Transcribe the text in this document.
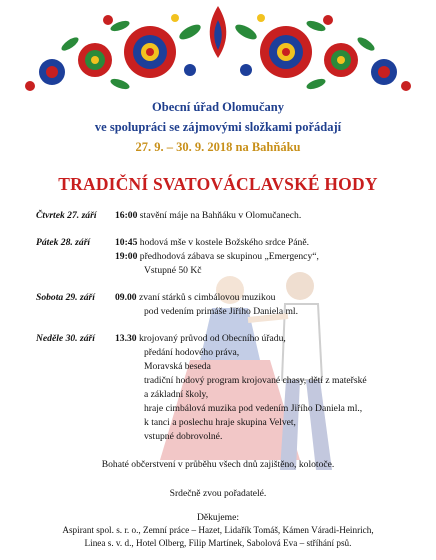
Obecní úřad Olomučany
ve spolupráci se zájmovými složkami pořádají
27. 9. – 30. 9. 2018 na Bahňáku
TRADIČNÍ SVATOVÁCLAVSKÉ HODY
Čtvrtek 27. září 16:00 stavění máje na Bahňáku v Olomučanech.
Pátek 28. září	10:45 hodová mše v kostele Božského srdce Páně.
19:00 předhodová zábava se skupinou „Emergency“,
Vstupné 50 Kč
Sobota 29. září 09.00 zvaní stárků s cimbálovou muzikou
pod vedením primáše Jiřího Daniela ml.
Neděle 30. září 13.30 krojovaný průvod od Obecního úřadu,
předání hodového práva,
Moravská beseda
tradiční hodový program krojované chasy, dětí z mateřské
a základní školy,
hraje cimbálová muzika pod vedením Jiřího Daniela ml.,
k tanci a poslechu hraje skupina Velvet,
vstupné dobrovolné.
Bohaté občerstvení v průběhu všech dnů zajištěno, kolotoče.
Srdečně zvou pořadatelé.
Děkujeme:
Aspirant spol. s. r. o., Zemní práce – Hazet, Lidařík Tomáš, Kámen Váradi-Heinrich,
Linea s. v. d., Hotel Olberg, Filip Martínek, Sabolová Eva – stříhání psů.
